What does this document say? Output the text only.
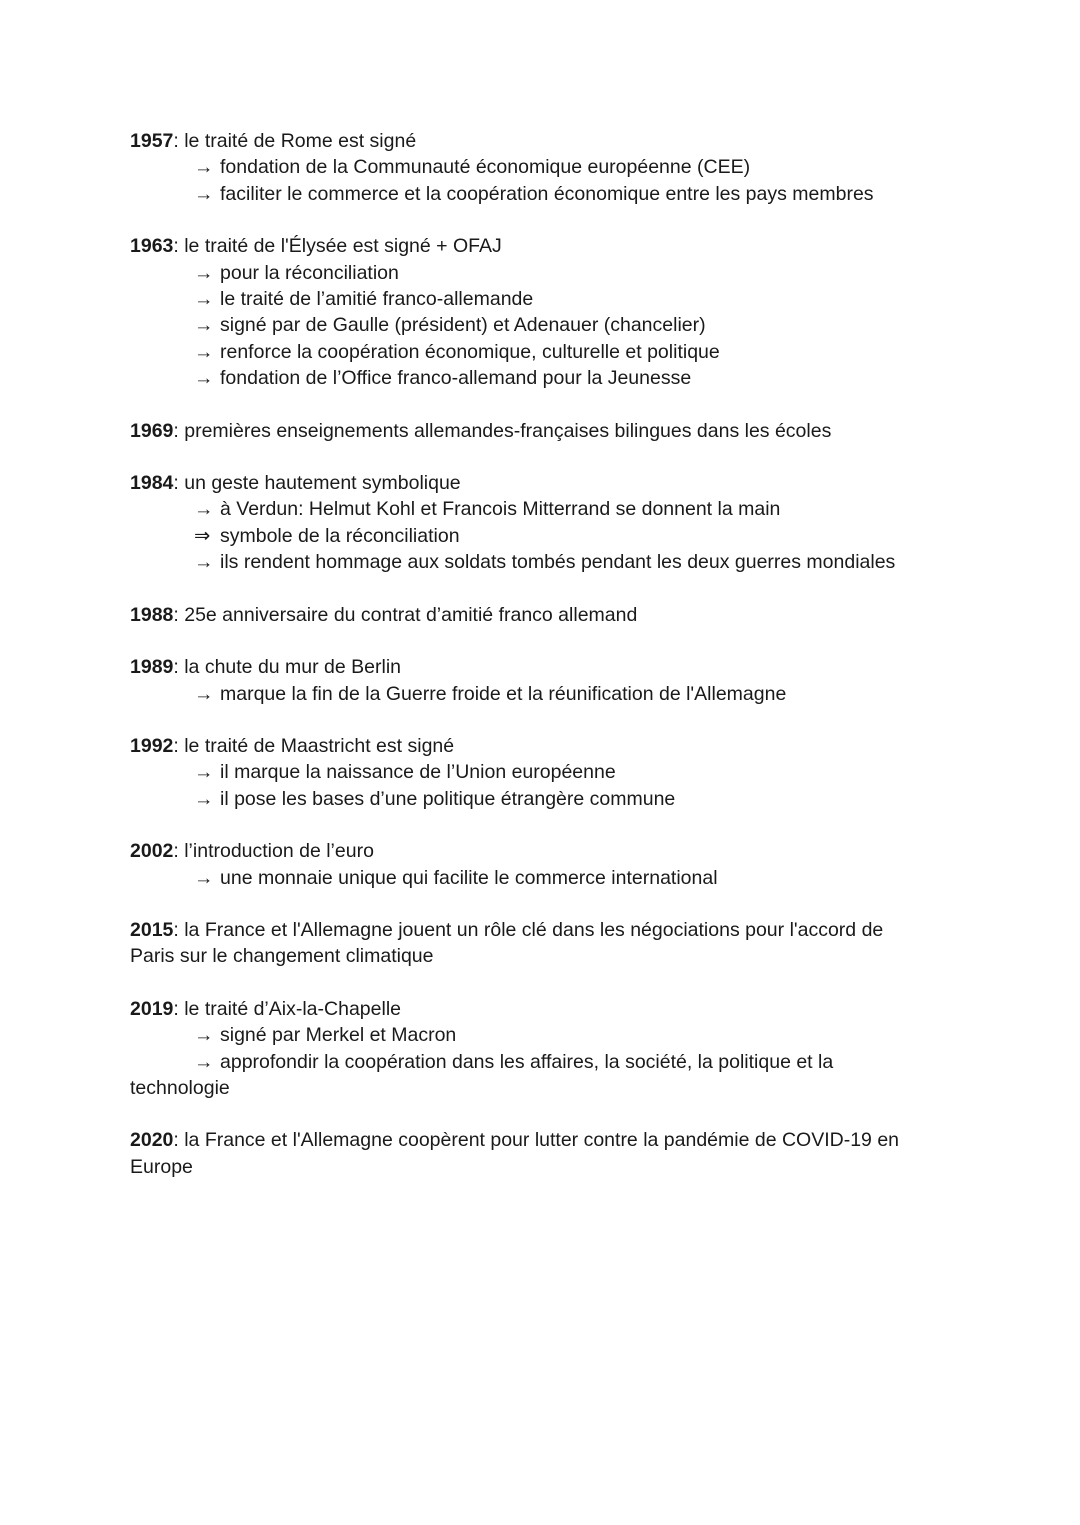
1957: le traité de Rome est signé

→ fondation de la Communauté économique européenne (CEE)

→ faciliter le commerce et la coopération économique entre les pays membres

1963: le traité de l'Élysée est signé + OFAJ

→ pour la réconciliation

→ le traité de l’amitié franco-allemande

→ signé par de Gaulle (président) et Adenauer (chancelier)

→ renforce la coopération économique, culturelle et politique

→ fondation de l’Office franco-allemand pour la Jeunesse

1969: premières enseignements allemandes-françaises bilingues dans les écoles

1984: un geste hautement symbolique

→ à Verdun: Helmut Kohl et Francois Mitterrand se donnent la main

⇒ symbole de la réconciliation

→ ils rendent hommage aux soldats tombés pendant les deux guerres mondiales

1988: 25e anniversaire du contrat d’amitié franco allemand

1989: la chute du mur de Berlin

→ marque la fin de la Guerre froide et la réunification de l'Allemagne

1992: le traité de Maastricht est signé

→ il marque la naissance de l’Union européenne

→ il pose les bases d’une politique étrangère commune

2002: l’introduction de l’euro

→ une monnaie unique qui facilite le commerce international

2015: la France et l'Allemagne jouent un rôle clé dans les négociations pour l'accord de

Paris sur le changement climatique

2019: le traité d’Aix-la-Chapelle

→ signé par Merkel et Macron

→ approfondir la coopération dans les affaires, la société, la politique et la

technologie

2020: la France et l'Allemagne coopèrent pour lutter contre la pandémie de COVID-19 en

Europe
